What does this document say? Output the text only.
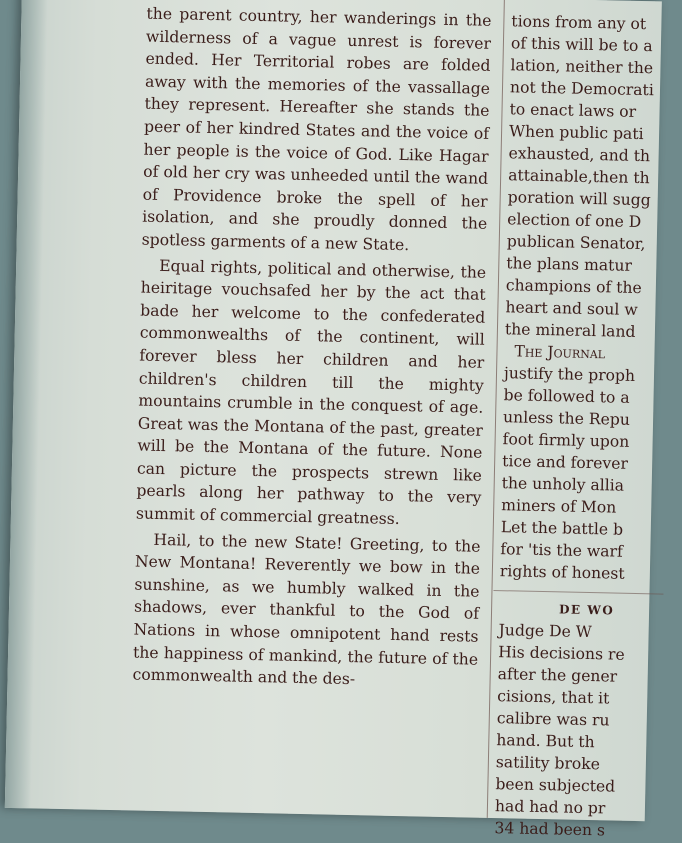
the parent country, her wanderings in the wilderness of a vague unrest is forever ended. Her Territorial robes are folded away with the memories of the vassallage they represent. Hereafter she stands the peer of her kindred States and the voice of her people is the voice of God. Like Hagar of old her cry was unheeded until the wand of Providence broke the spell of her isolation, and she proudly donned the spotless garments of a new State.

Equal rights, political and otherwise, the heiritage vouchsafed her by the act that bade her welcome to the confederated commonwealths of the continent, will forever bless her children and her children's children till the mighty mountains crumble in the conquest of age. Great was the Montana of the past, greater will be the Montana of the future. None can picture the prospects strewn like pearls along her pathway to the very summit of commercial greatness.

Hail, to the new State! Greeting, to the New Montana! Reverently we bow in the sunshine, as we humbly walked in the shadows, ever thankful to the God of Nations in whose omnipotent hand rests the happiness of mankind, the future of the commonwealth and the des-

tions from any ot
of this will be to a
lation, neither the
not the Democrati
to enact laws or
When public pati
exhausted, and th
attainable,then th
poration will sugg
election of one D
publican Senator,
the plans matur
champions of the
heart and soul w
the mineral land
The Journal
justify the proph
be followed to a
unless the Repu
foot firmly upon
tice and forever
the unholy allia
miners of Mon
Let the battle b
for 'tis the warf
rights of honest
DE WO
Judge De W
His decisions re
after the gener
cisions, that it
calibre was ru
hand. But th
satility broke
been subjected
had had no pr
34 had been s
